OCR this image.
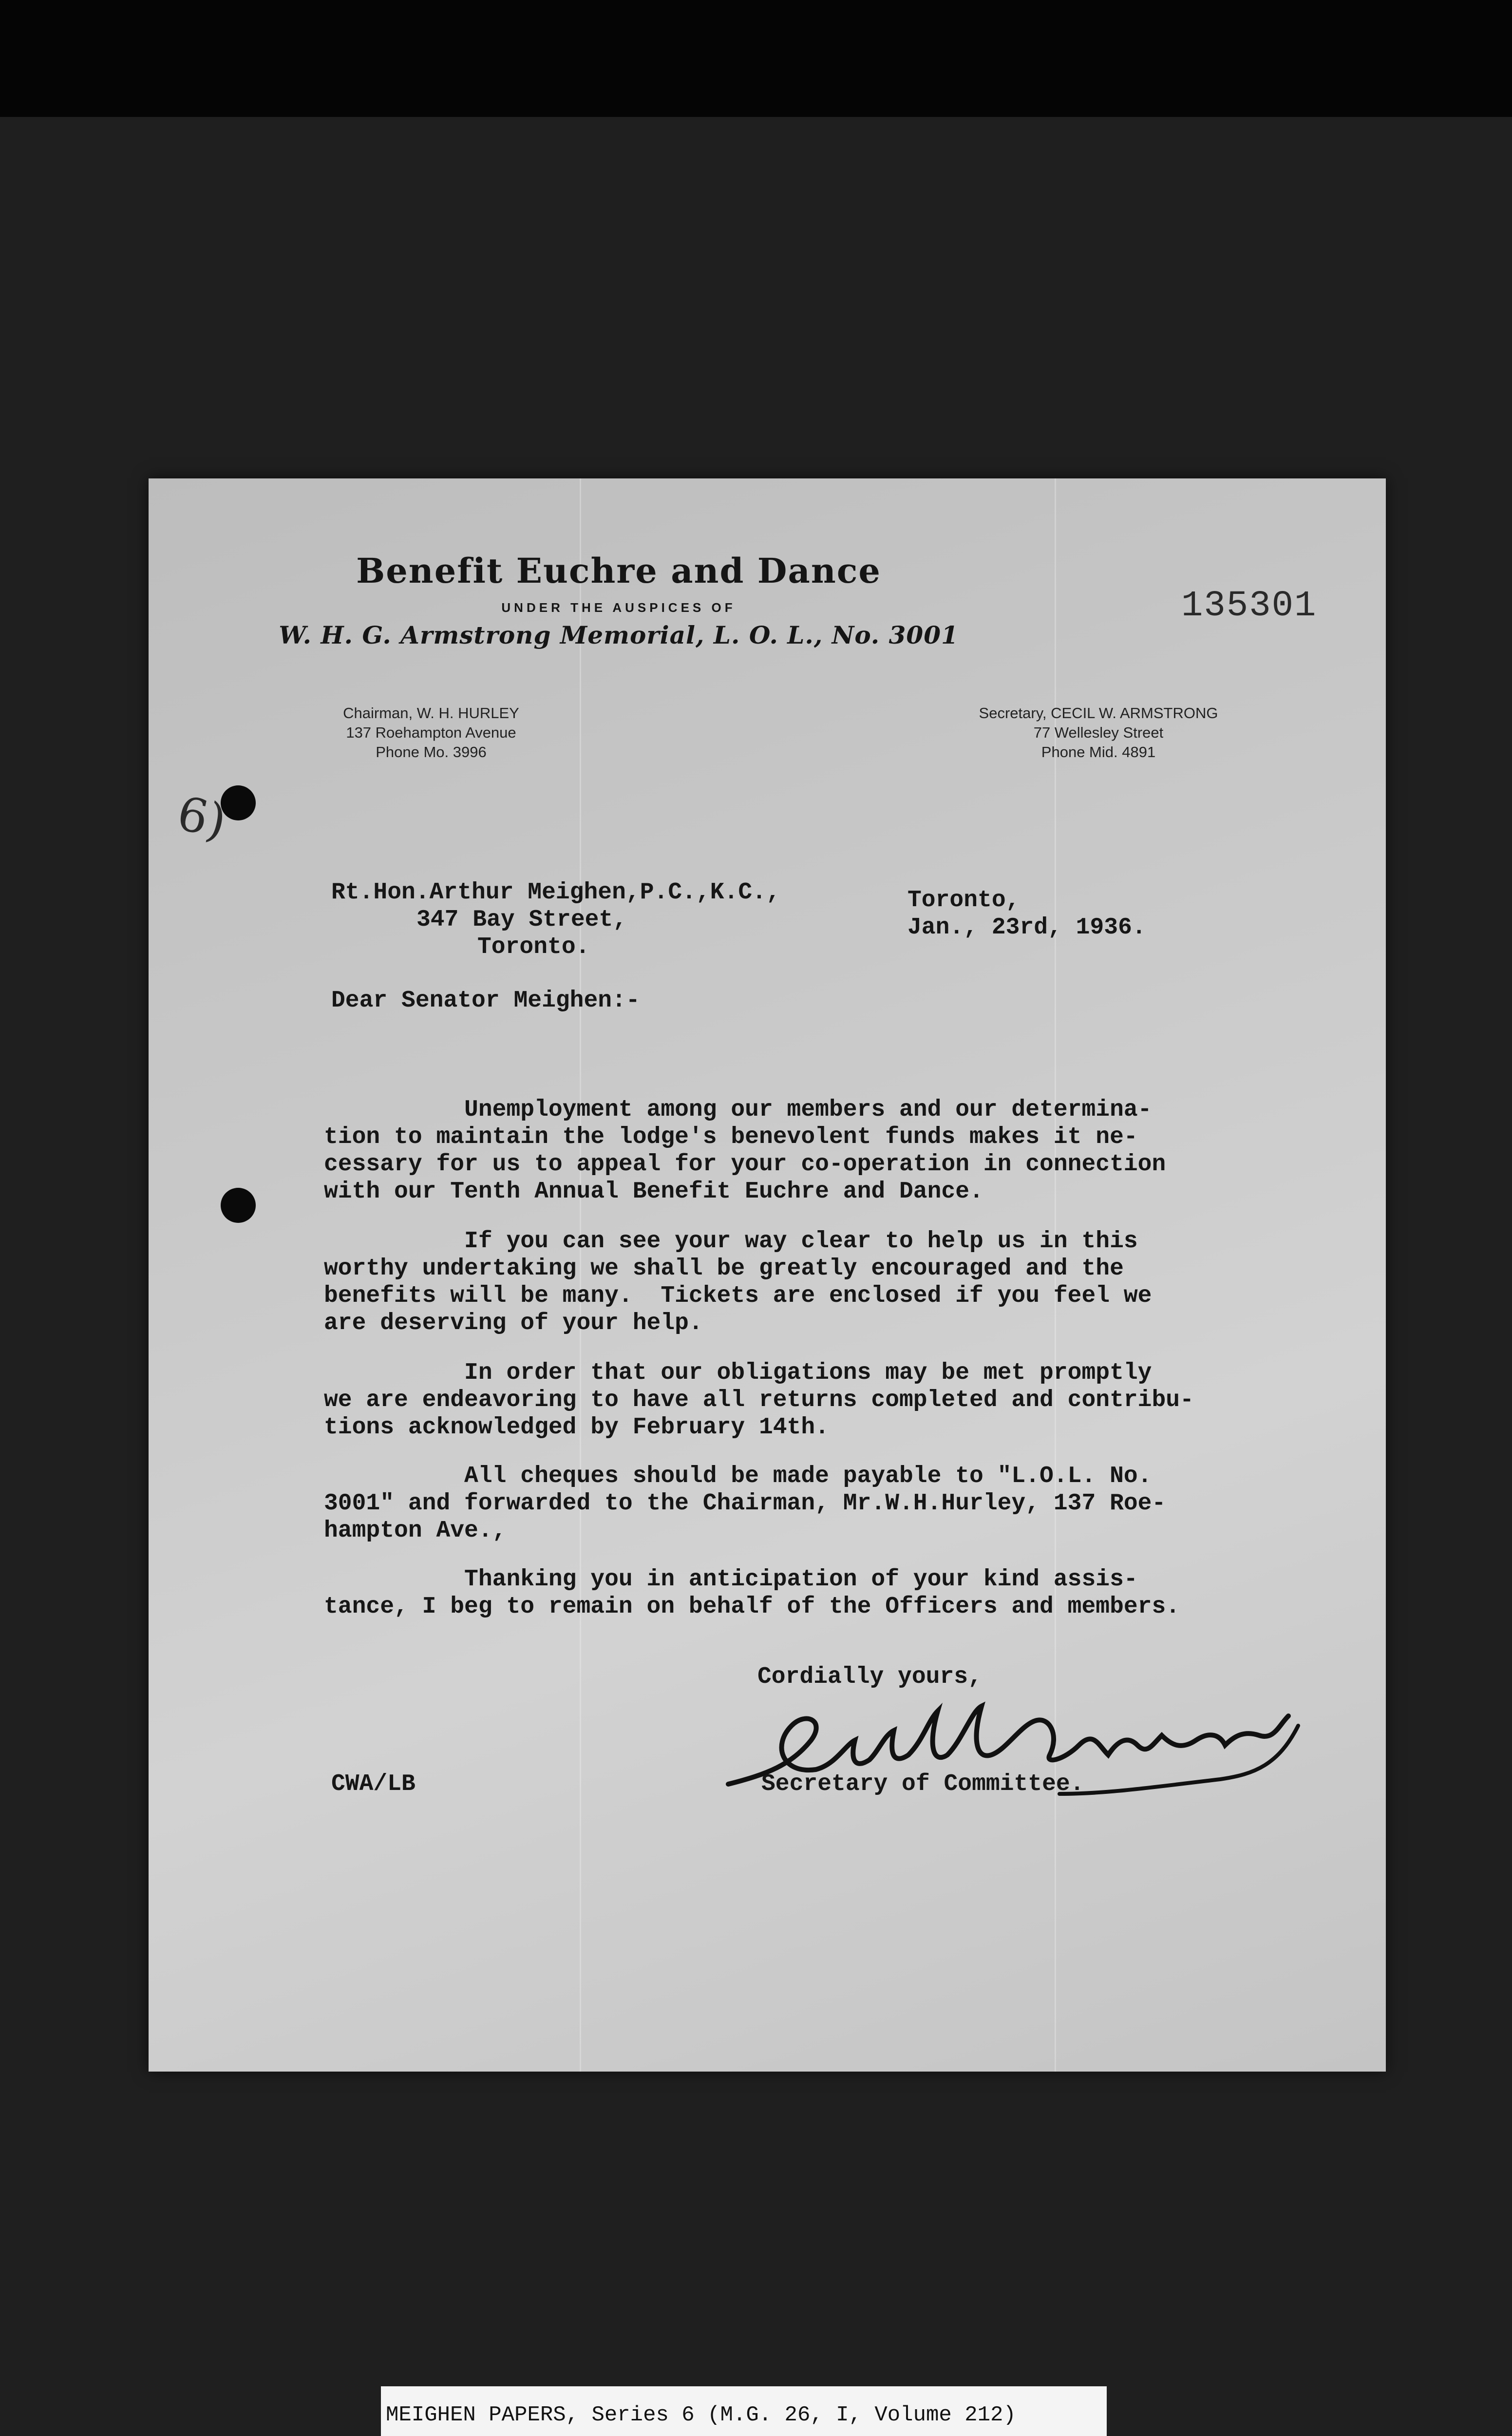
Benefit Euchre and Dance
UNDER THE AUSPICES OF
W. H. G. Armstrong Memorial, L. O. L., No. 3001
135301
Chairman, W. H. HURLEY
137 Roehampton Avenue
Phone Mo. 3996
Secretary, CECIL W. ARMSTRONG
77 Wellesley Street
Phone Mid. 4891
6)
Rt.Hon.Arthur Meighen,P.C.,K.C.,
347 Bay Street,
Toronto.
Toronto,
Jan., 23rd, 1936.
Dear Senator Meighen:-
Unemployment among our members and our determina-
tion to maintain the lodge's benevolent funds makes it ne-
cessary for us to appeal for your co-operation in connection
with our Tenth Annual Benefit Euchre and Dance.
If you can see your way clear to help us in this
worthy undertaking we shall be greatly encouraged and the
benefits will be many.  Tickets are enclosed if you feel we
are deserving of your help.
In order that our obligations may be met promptly
we are endeavoring to have all returns completed and contribu-
tions acknowledged by February 14th.
All cheques should be made payable to "L.O.L. No.
3001" and forwarded to the Chairman, Mr.W.H.Hurley, 137 Roe-
hampton Ave.,
Thanking you in anticipation of your kind assis-
tance, I beg to remain on behalf of the Officers and members.
Cordially yours,
CWA/LB	Secretary of Committee.
MEIGHEN PAPERS, Series 6 (M.G. 26, I, Volume 212)
